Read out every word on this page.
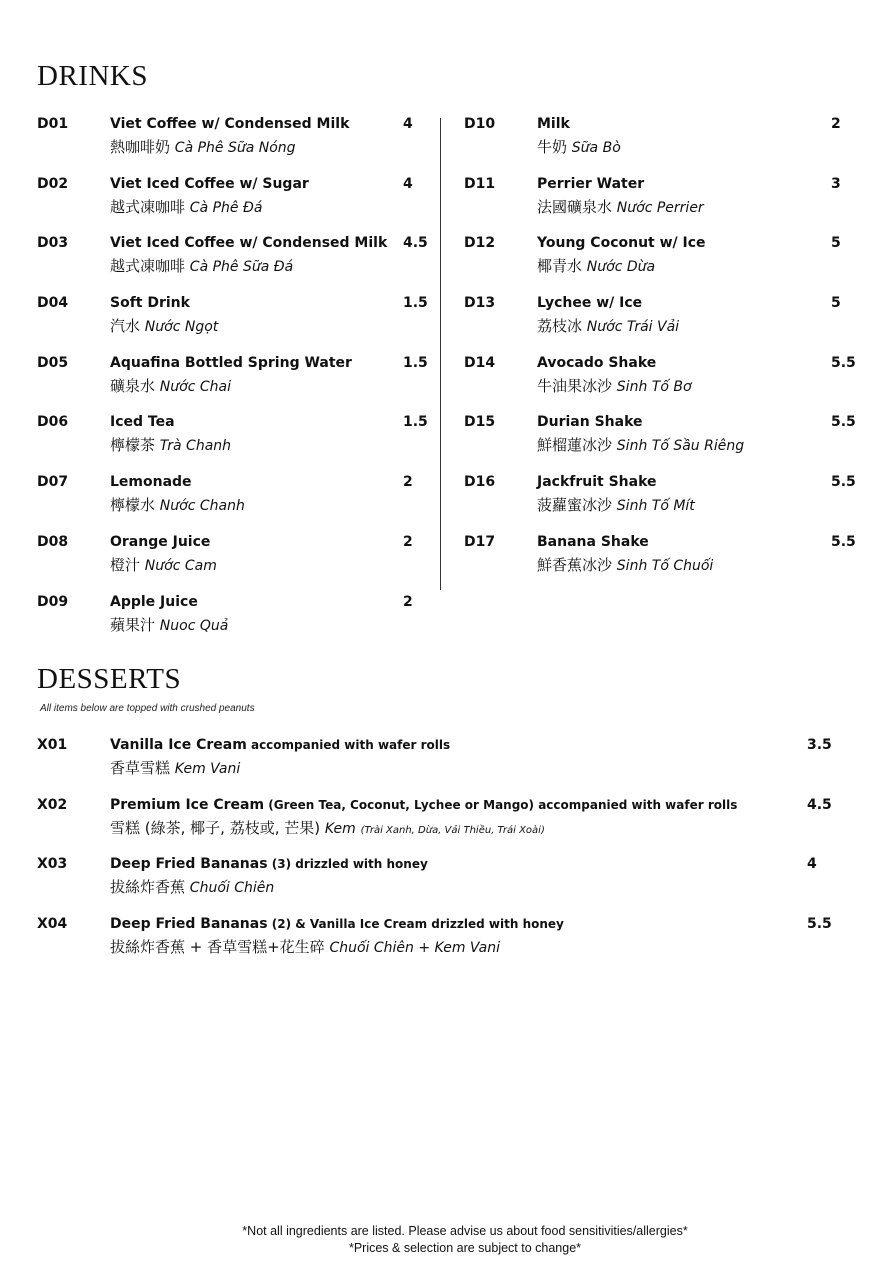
DRINKS
D01	Viet Coffee w/ Condensed Milk	4
熱咖啡奶 Cà Phê Sữa Nóng
D02	Viet Iced Coffee w/ Sugar	4
越式凍咖啡 Cà Phê Đá
D03	Viet Iced Coffee w/ Condensed Milk 4.5
越式凍咖啡 Cà Phê Sữa Đá
D04	Soft Drink	1.5
汽水 Nước Ngọt
D05	Aquafina Bottled Spring Water	1.5
礦泉水 Nước Chai
D06	Iced Tea	1.5
檸檬茶 Trà Chanh
D07	Lemonade	2
檸檬水 Nước Chanh
D08	Orange Juice	2
橙汁 Nước Cam
D09	Apple Juice	2
蘋果汁 Nuoc Quả
D10	Milk	2
牛奶 Sữa Bò
D11	Perrier Water	3
法國礦泉水 Nước Perrier
D12	Young Coconut w/ Ice	5
椰青水 Nước Dừa
D13	Lychee w/ Ice	5
荔枝冰 Nước Trái Vải
D14	Avocado Shake	5.5
牛油果冰沙 Sinh Tố Bơ
D15	Durian Shake	5.5
鮮榴蓮冰沙 Sinh Tố Sầu Riêng
D16	Jackfruit Shake	5.5
菠蘿蜜冰沙 Sinh Tố Mít
D17	Banana Shake	5.5
鮮香蕉冰沙 Sinh Tố Chuối
DESSERTS
All items below are topped with crushed peanuts
X01	Vanilla Ice Cream accompanied with wafer rolls	3.5
香草雪糕 Kem Vani
X02	Premium Ice Cream (Green Tea, Coconut, Lychee or Mango) accompanied with wafer rolls	4.5
雪糕 (綠茶, 椰子, 荔枝或, 芒果) Kem (Trài Xanh, Dừa, Vải Thiều, Trái Xoài)
X03	Deep Fried Bananas (3) drizzled with honey	4
拔絲炸香蕉 Chuối Chiên
X04	Deep Fried Bananas (2) & Vanilla Ice Cream drizzled with honey	5.5
拔絲炸香蕉 + 香草雪糕+花生碎 Chuối Chiên + Kem Vani
*Not all ingredients are listed. Please advise us about food sensitivities/allergies*
*Prices & selection are subject to change*
